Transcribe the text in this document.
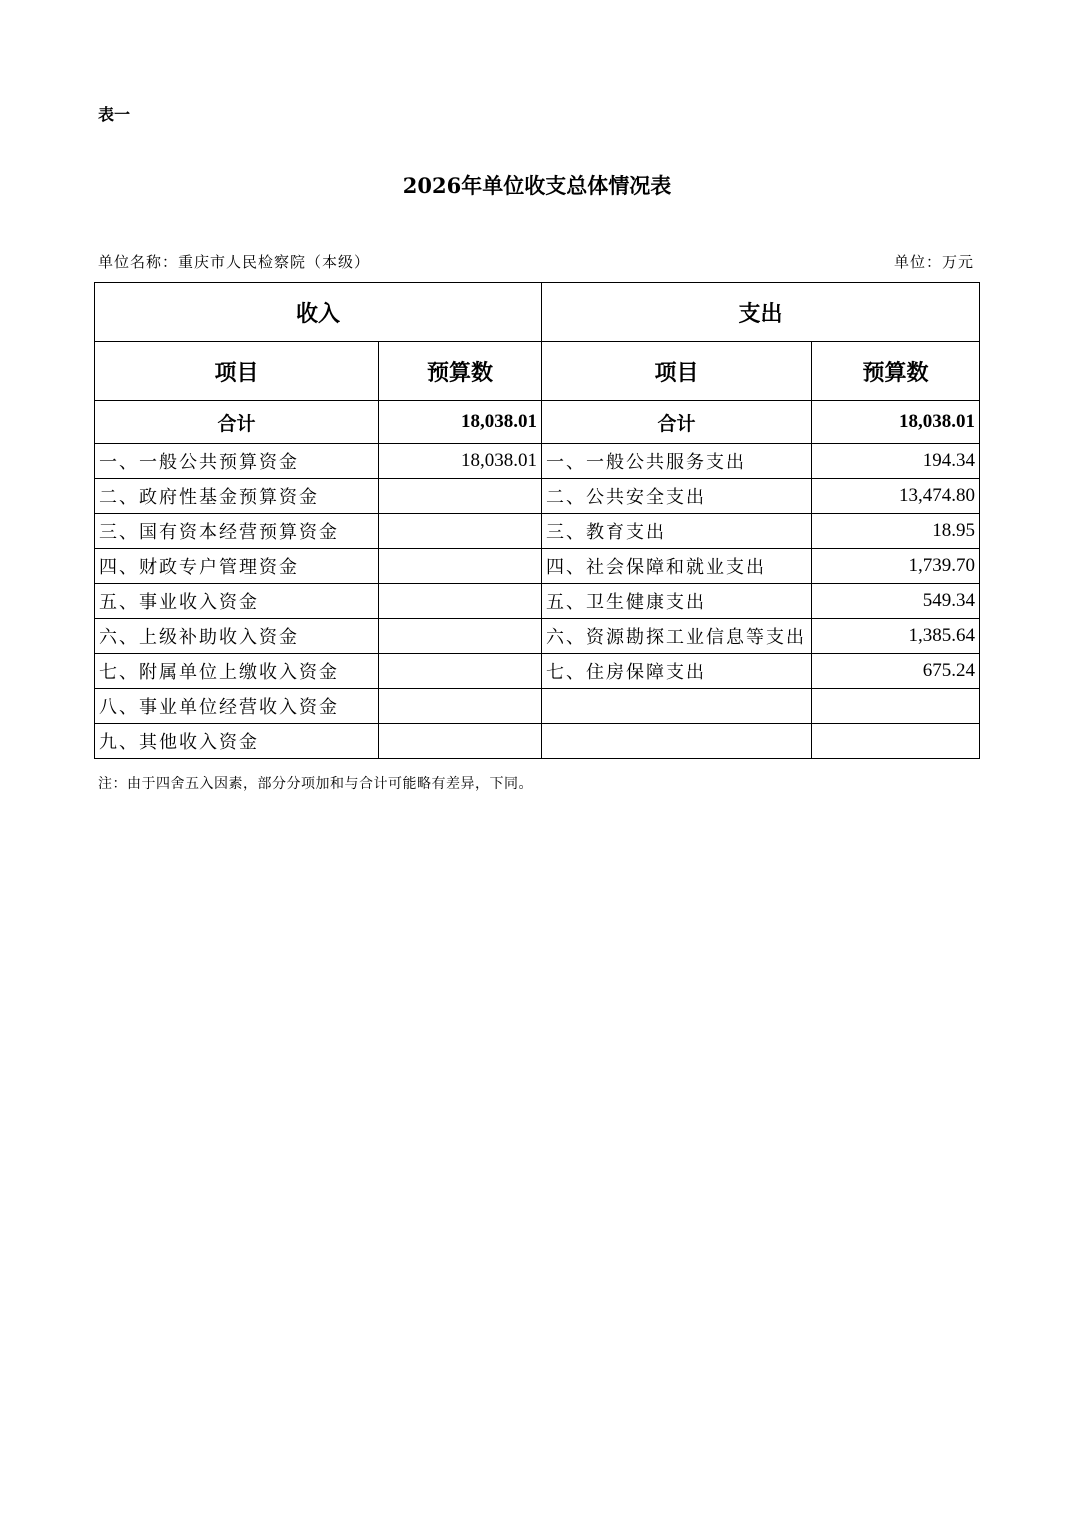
表一
2026年单位收支总体情况表
单位名称：重庆市人民检察院（本级）	单位：万元
收入		支出	
项目	预算数	项目	预算数
合计	18,038.01	合计	18,038.01
一、一般公共预算资金	18,038.01	一、一般公共服务支出	194.34
二、政府性基金预算资金		二、公共安全支出	13,474.80
三、国有资本经营预算资金		三、教育支出	18.95
四、财政专户管理资金		四、社会保障和就业支出	1,739.70
五、事业收入资金		五、卫生健康支出	549.34
六、上级补助收入资金		六、资源勘探工业信息等支出	1,385.64
七、附属单位上缴收入资金		七、住房保障支出	675.24
八、事业单位经营收入资金			
九、其他收入资金			
注：由于四舍五入因素，部分分项加和与合计可能略有差异，下同。
